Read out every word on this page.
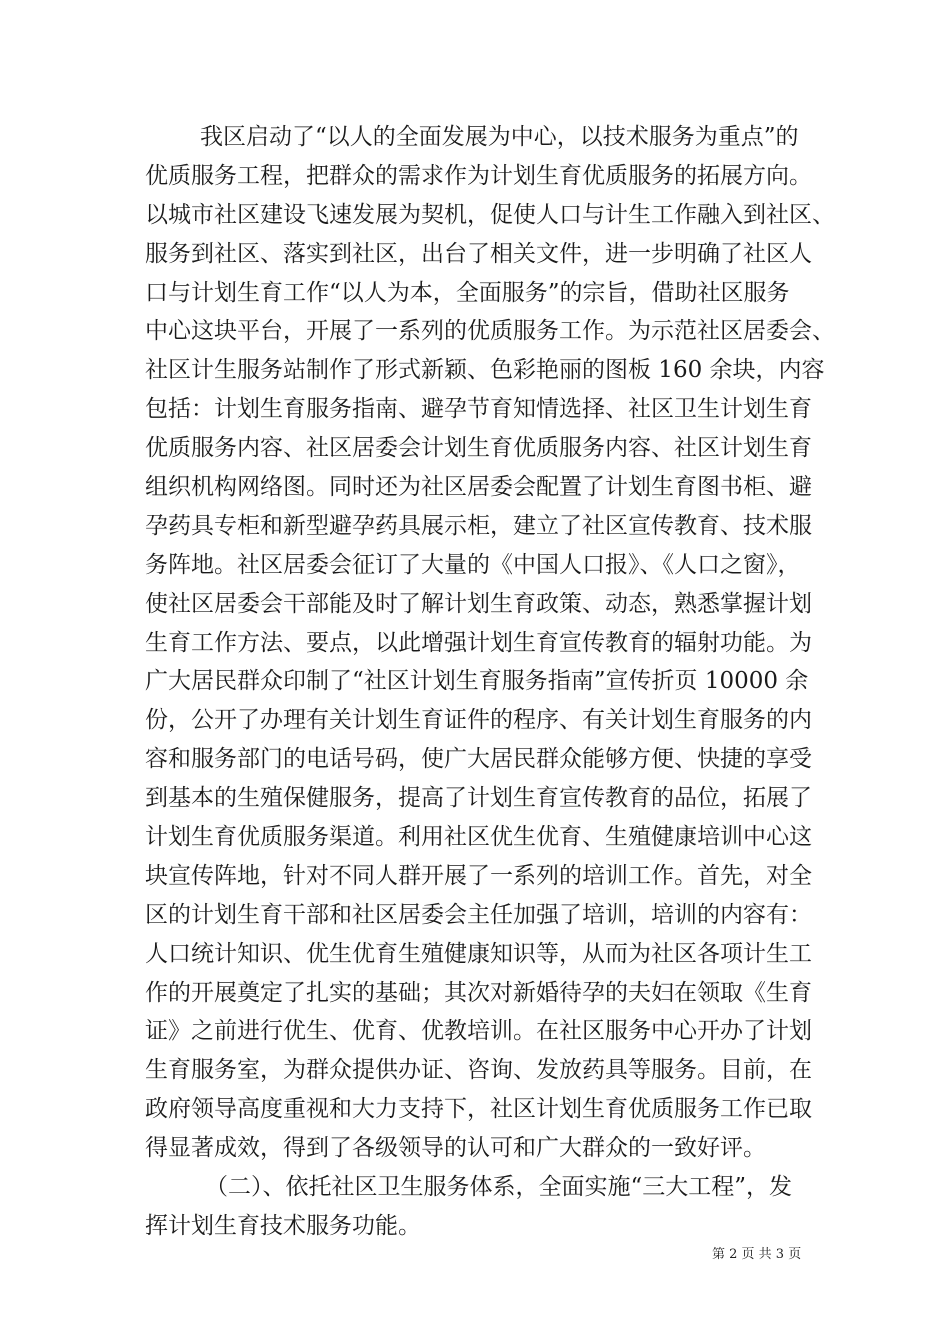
我区启动了“以人的全面发展为中心，以技术服务为重点”的
优质服务工程，把群众的需求作为计划生育优质服务的拓展方向。
以城市社区建设飞速发展为契机，促使人口与计生工作融入到社区、
服务到社区、落实到社区，出台了相关文件，进一步明确了社区人
口与计划生育工作“以人为本，全面服务”的宗旨，借助社区服务
中心这块平台，开展了一系列的优质服务工作。为示范社区居委会、
社区计生服务站制作了形式新颖、色彩艳丽的图板 160 余块，内容
包括：计划生育服务指南、避孕节育知情选择、社区卫生计划生育
优质服务内容、社区居委会计划生育优质服务内容、社区计划生育
组织机构网络图。同时还为社区居委会配置了计划生育图书柜、避
孕药具专柜和新型避孕药具展示柜，建立了社区宣传教育、技术服
务阵地。社区居委会征订了大量的《中国人口报》、《人口之窗》，
使社区居委会干部能及时了解计划生育政策、动态，熟悉掌握计划
生育工作方法、要点，以此增强计划生育宣传教育的辐射功能。为
广大居民群众印制了“社区计划生育服务指南”宣传折页 10000 余
份，公开了办理有关计划生育证件的程序、有关计划生育服务的内
容和服务部门的电话号码，使广大居民群众能够方便、快捷的享受
到基本的生殖保健服务，提高了计划生育宣传教育的品位，拓展了
计划生育优质服务渠道。利用社区优生优育、生殖健康培训中心这
块宣传阵地，针对不同人群开展了一系列的培训工作。首先，对全
区的计划生育干部和社区居委会主任加强了培训，培训的内容有：
人口统计知识、优生优育生殖健康知识等，从而为社区各项计生工
作的开展奠定了扎实的基础；其次对新婚待孕的夫妇在领取《生育
证》之前进行优生、优育、优教培训。在社区服务中心开办了计划
生育服务室，为群众提供办证、咨询、发放药具等服务。目前，在
政府领导高度重视和大力支持下，社区计划生育优质服务工作已取
得显著成效，得到了各级领导的认可和广大群众的一致好评。
（二）、依托社区卫生服务体系，全面实施“三大工程”，发
挥计划生育技术服务功能。
第 2 页 共 3 页
